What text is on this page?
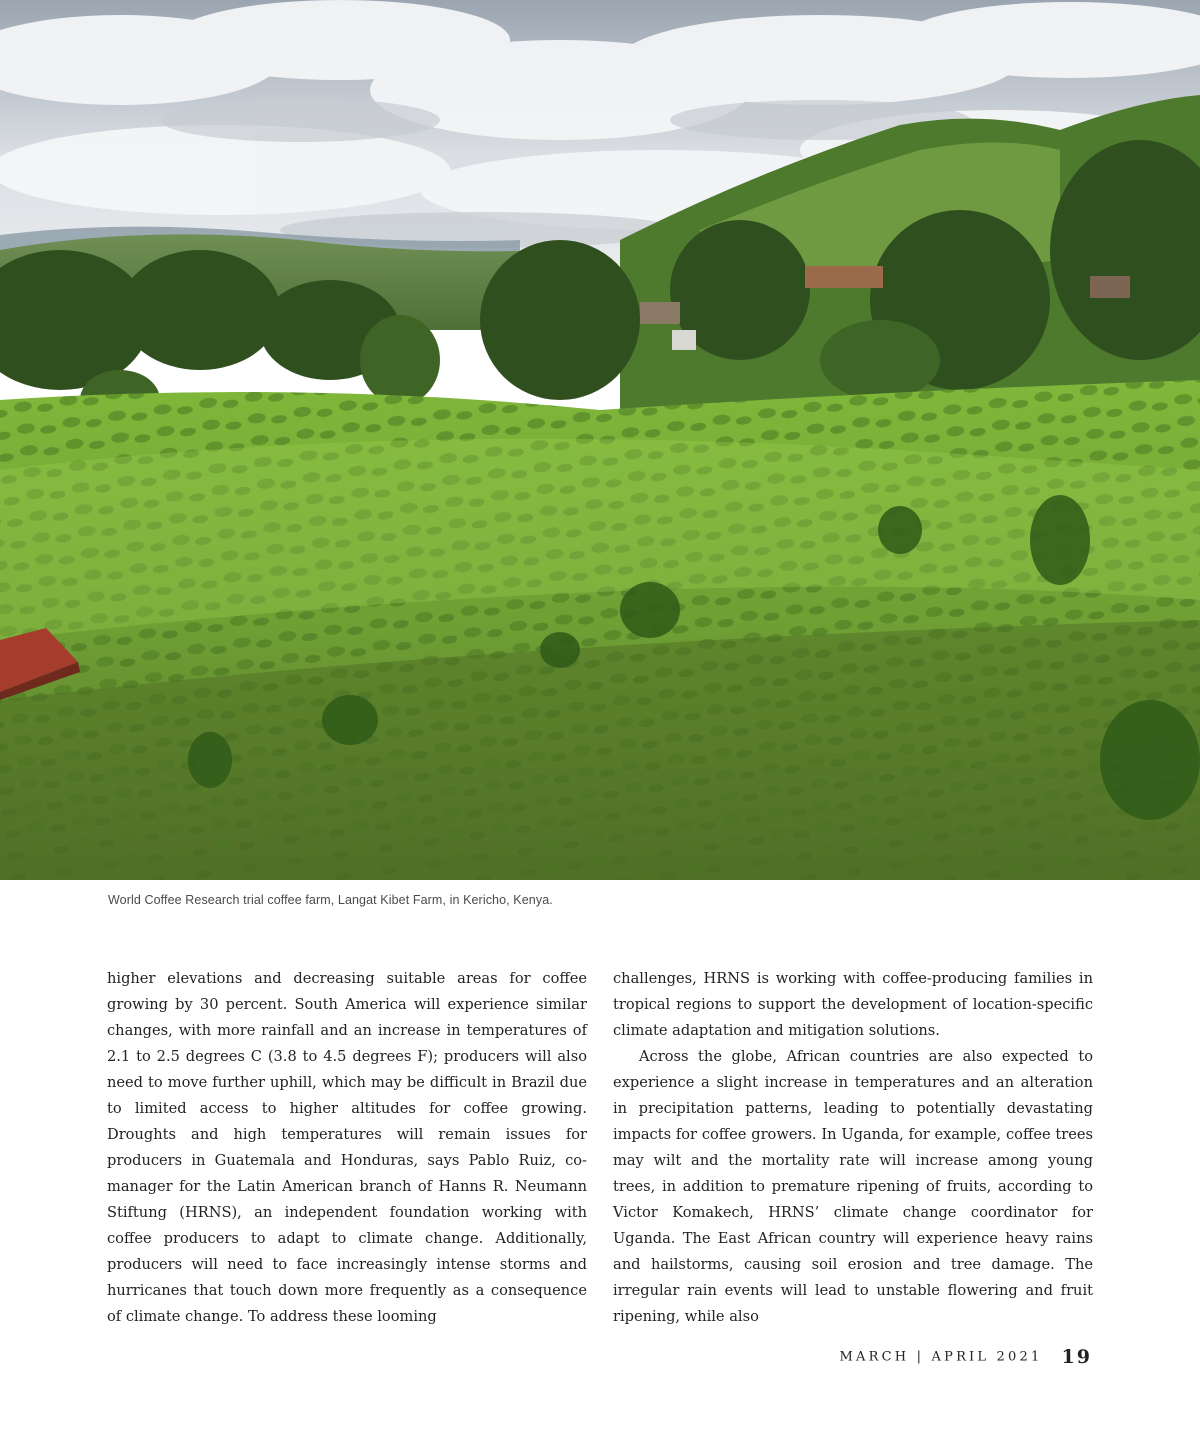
World Coffee Research trial coffee farm, Langat Kibet Farm, in Kericho, Kenya.

higher elevations and decreasing suitable areas for coffee growing by 30 percent. South America will experience similar changes, with more rainfall and an increase in temperatures of 2.1 to 2.5 degrees C (3.8 to 4.5 degrees F); producers will also need to move further uphill, which may be difficult in Brazil due to limited access to higher altitudes for coffee growing. Droughts and high temperatures will remain issues for producers in Guatemala and Honduras, says Pablo Ruiz, co-manager for the Latin American branch of Hanns R. Neumann Stiftung (HRNS), an independent foundation working with coffee producers to adapt to climate change. Additionally, producers will need to face increasingly intense storms and hurricanes that touch down more frequently as a consequence of climate change. To address these looming

challenges, HRNS is working with coffee-producing families in tropical regions to support the development of location-specific climate adaptation and mitigation solutions.

Across the globe, African countries are also expected to experience a slight increase in temperatures and an alteration in precipitation patterns, leading to potentially devastating impacts for coffee growers. In Uganda, for example, coffee trees may wilt and the mortality rate will increase among young trees, in addition to premature ripening of fruits, according to Victor Komakech, HRNS’ climate change coordinator for Uganda. The East African country will experience heavy rains and hailstorms, causing soil erosion and tree damage. The irregular rain events will lead to unstable flowering and fruit ripening, while also

MARCH | APRIL 2021 19
